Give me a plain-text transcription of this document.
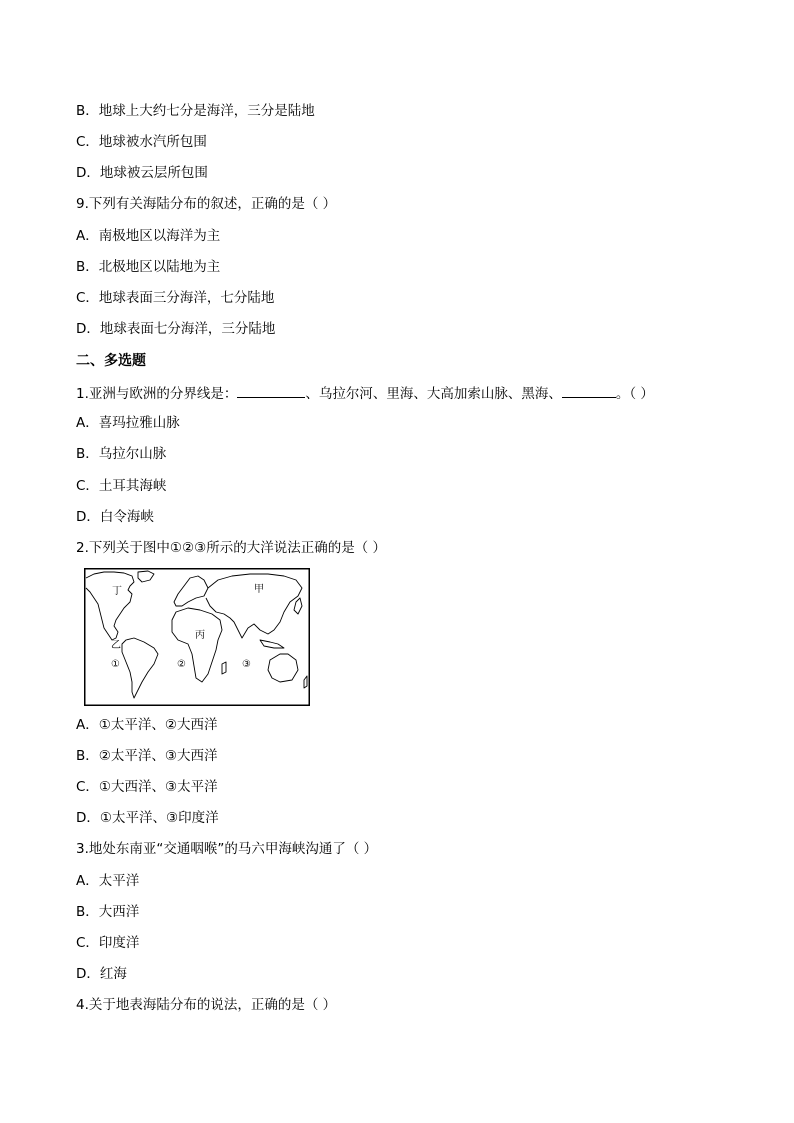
B．地球上大约七分是海洋，三分是陆地
C．地球被水汽所包围
D．地球被云层所包围
9.下列有关海陆分布的叙述，正确的是（ ）
A．南极地区以海洋为主
B．北极地区以陆地为主
C．地球表面三分海洋，七分陆地
D．地球表面七分海洋，三分陆地
二、多选题
1.亚洲与欧洲的分界线是：	、乌拉尔河、里海、大高加索山脉、黑海、	。（ ）
A．喜玛拉雅山脉
B．乌拉尔山脉
C．土耳其海峡
D．白令海峡
2.下列关于图中①②③所示的大洋说法正确的是（ ）
丁	甲
丙
乙
①	②	③
A．①太平洋、②大西洋
B．②太平洋、③大西洋
C．①大西洋、③太平洋
D．①太平洋、③印度洋
3.地处东南亚“交通咽喉”的马六甲海峡沟通了（ ）
A．太平洋
B．大西洋
C．印度洋
D．红海
4.关于地表海陆分布的说法，正确的是（ ）
